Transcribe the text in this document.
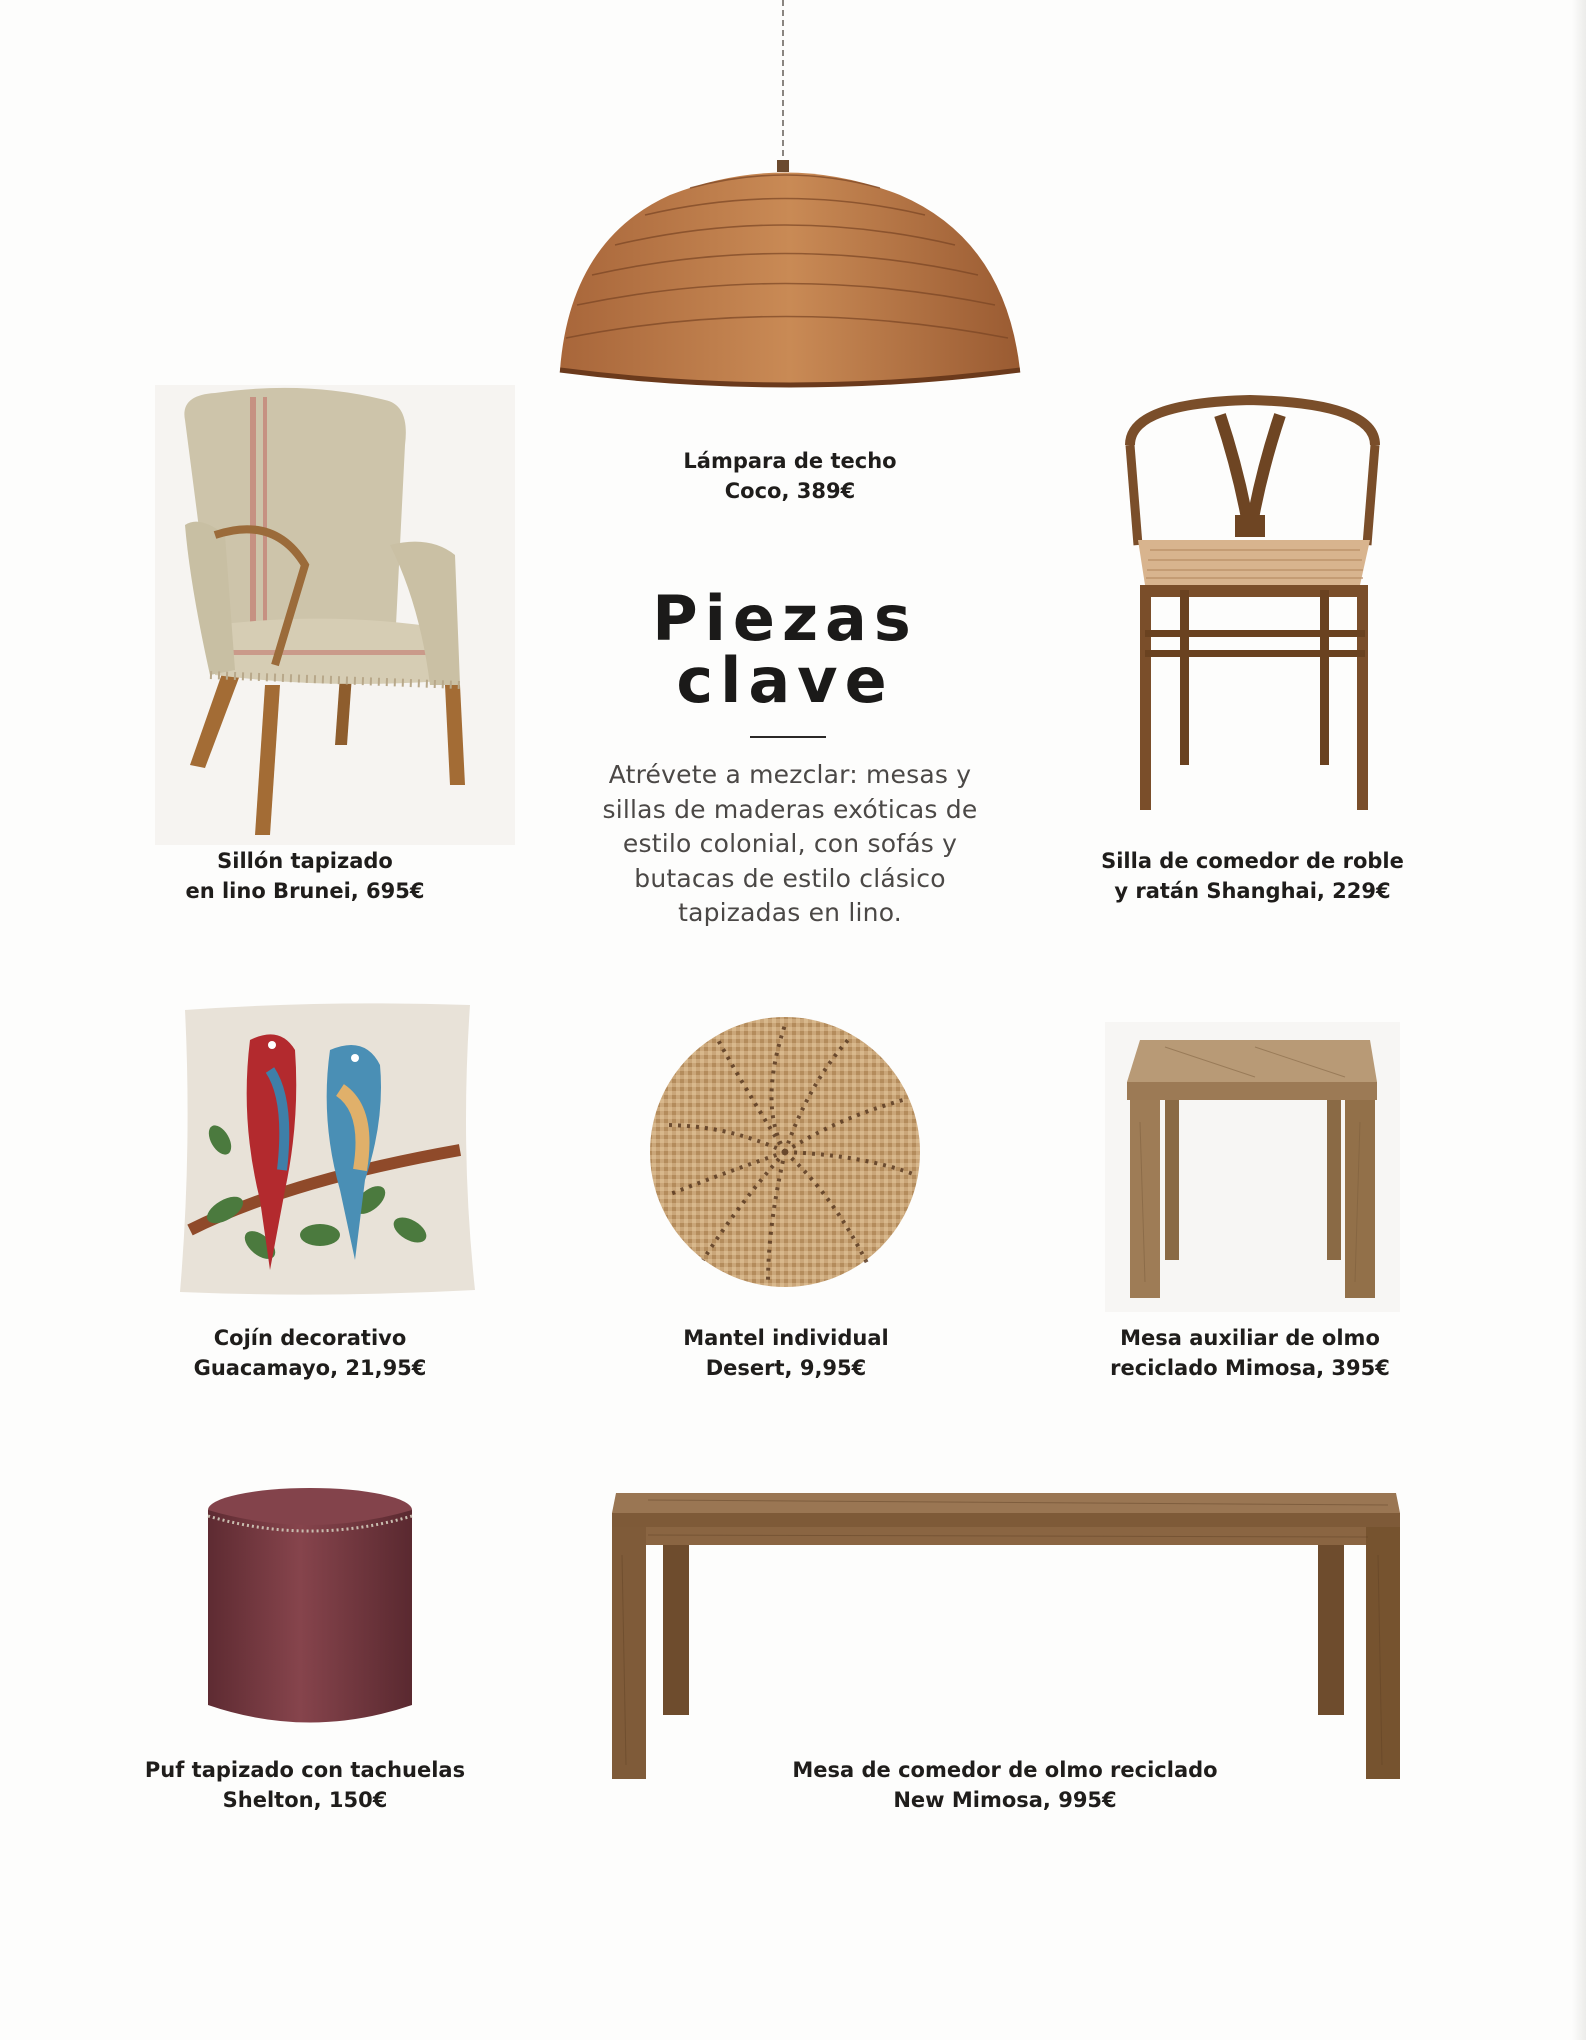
Lámpara de techo
Coco, 389€
Sillón tapizado
en lino Brunei, 695€
Silla de comedor de roble
y ratán Shanghai, 229€
Piezas
clave
Atrévete a mezclar: mesas y sillas de maderas exóticas de estilo colonial, con sofás y butacas de estilo clásico tapizadas en lino.
Cojín decorativo
Guacamayo, 21,95€
Mantel individual
Desert, 9,95€
Mesa auxiliar de olmo
reciclado Mimosa, 395€
Puf tapizado con tachuelas
Shelton, 150€
Mesa de comedor de olmo reciclado
New Mimosa, 995€
